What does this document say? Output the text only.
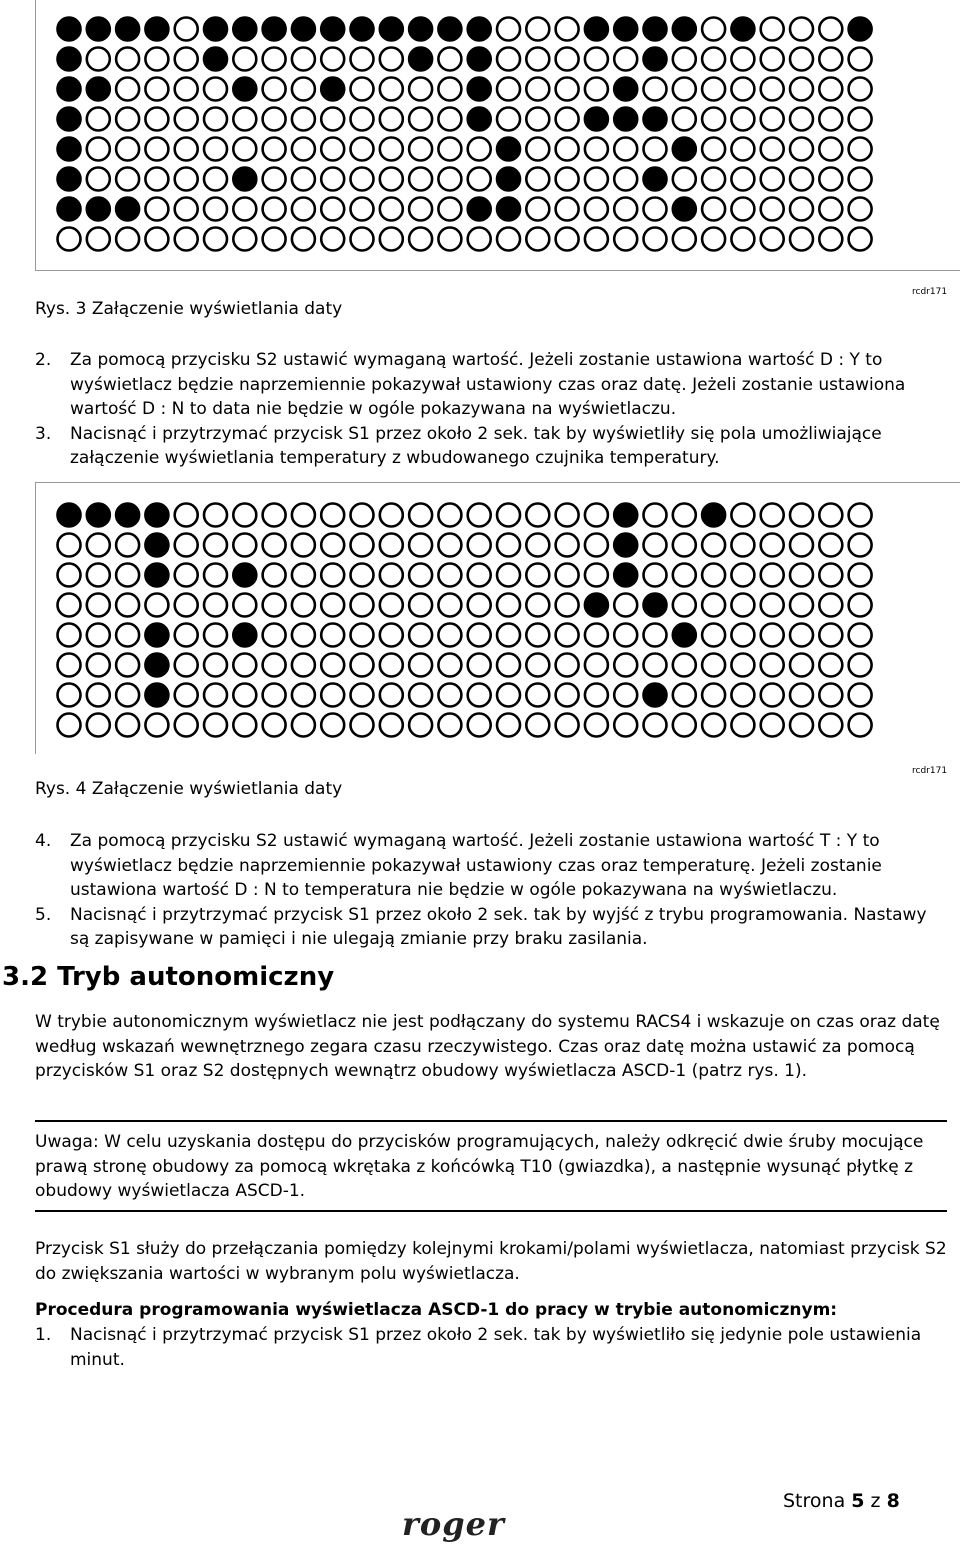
Rys. 3 Załączenie wyświetlania daty
rcdr171
2. Za pomocą przycisku S2 ustawić wymaganą wartość. Jeżeli zostanie ustawiona wartość D : Y to wyświetlacz będzie naprzemiennie pokazywał ustawiony czas oraz datę. Jeżeli zostanie ustawiona wartość D : N to data nie będzie w ogóle pokazywana na wyświetlaczu.
3. Nacisnąć i przytrzymać przycisk S1 przez około 2 sek. tak by wyświetliły się pola umożliwiające załączenie wyświetlania temperatury z wbudowanego czujnika temperatury.
Rys. 4 Załączenie wyświetlania daty
rcdr171
4. Za pomocą przycisku S2 ustawić wymaganą wartość. Jeżeli zostanie ustawiona wartość T : Y to wyświetlacz będzie naprzemiennie pokazywał ustawiony czas oraz temperaturę. Jeżeli zostanie ustawiona wartość D : N to temperatura nie będzie w ogóle pokazywana na wyświetlaczu.
5. Nacisnąć i przytrzymać przycisk S1 przez około 2 sek. tak by wyjść z trybu programowania. Nastawy są zapisywane w pamięci i nie ulegają zmianie przy braku zasilania.
3.2 Tryb autonomiczny

W trybie autonomicznym wyświetlacz nie jest podłączany do systemu RACS4 i wskazuje on czas oraz datę według wskazań wewnętrznego zegara czasu rzeczywistego. Czas oraz datę można ustawić za pomocą przycisków S1 oraz S2 dostępnych wewnątrz obudowy wyświetlacza ASCD-1 (patrz rys. 1).

Uwaga: W celu uzyskania dostępu do przycisków programujących, należy odkręcić dwie śruby mocujące prawą stronę obudowy za pomocą wkrętaka z końcówką T10 (gwiazdka), a następnie wysunąć płytkę z obudowy wyświetlacza ASCD-1.

Przycisk S1 służy do przełączania pomiędzy kolejnymi krokami/polami wyświetlacza, natomiast przycisk S2 do zwiększania wartości w wybranym polu wyświetlacza.

Procedura programowania wyświetlacza ASCD-1 do pracy w trybie autonomicznym:

1. Nacisnąć i przytrzymać przycisk S1 przez około 2 sek. tak by wyświetliło się jedynie pole ustawienia minut.
roger
Strona 5 z 8
